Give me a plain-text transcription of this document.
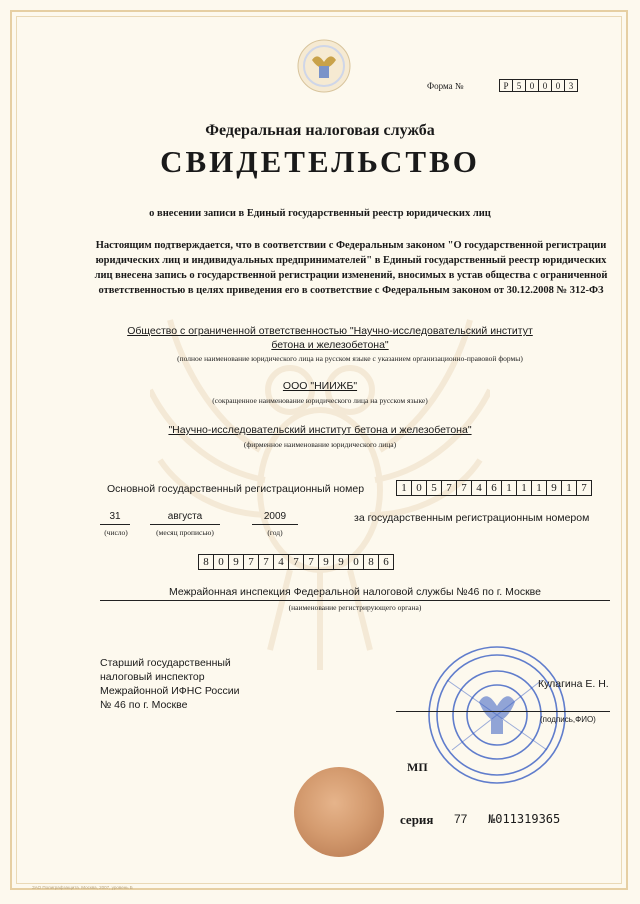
Форма №	Р 5 0 0 0 3
Федеральная налоговая служба
СВИДЕТЕЛЬСТВО
о внесении записи в Единый государственный реестр юридических лиц
Настоящим подтверждается, что в соответствии с Федеральным законом "О государственной регистрации юридических лиц и индивидуальных предпринимателей" в Единый государственный реестр юридических лиц внесена запись о государственной регистрации изменений, вносимых в устав общества с ограниченной ответственностью в целях приведения его в соответствие с Федеральным законом от 30.12.2008 № 312-ФЗ
Общество с ограниченной ответственностью "Научно-исследовательский институт бетона и железобетона"
(полное наименование юридического лица на русском языке с указанием организационно-правовой формы)
ООО "НИИЖБ"
(сокращенное наименование юридического лица на русском языке)
"Научно-исследовательский институт бетона и железобетона"
(фирменное наименование юридического лица)
Основной государственный регистрационный номер	1 0 5 7 7 4 6 1 1 1 9 1 7
31
(число)
августа
(месяц прописью)
2009
(год)
за государственным регистрационным номером
8 0 9 7 7 4 7 7 9 9 0 8 6
Межрайонная инспекция Федеральной налоговой службы №46 по г. Москве
(наименование регистрирующего органа)
Старший государственный
налоговый инспектор
Межрайонной ИФНС России
№ 46 по г. Москве
Кулагина Е. Н.
(подпись,ФИО)
МП
серия 77 №011319365
ЗАО Полиграфзащита. Москва, 2007, уровень Б
